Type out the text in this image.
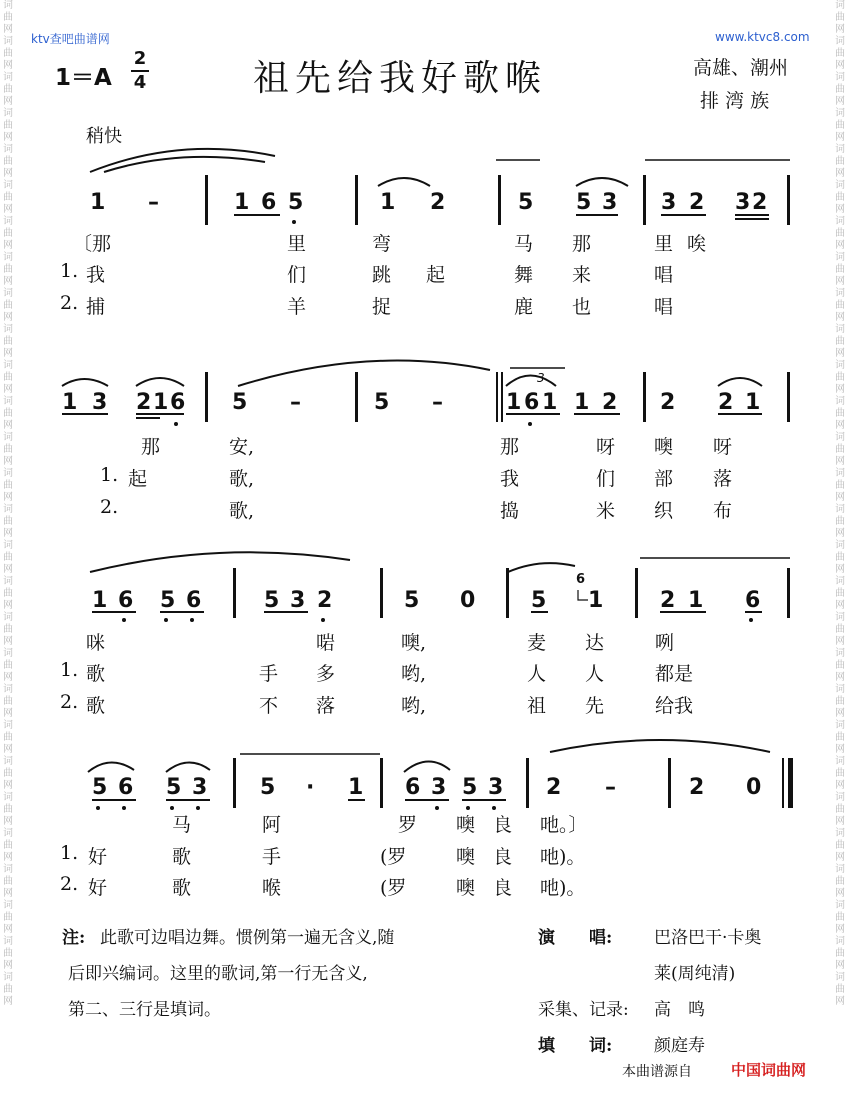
词曲网词曲网词曲网词曲网词曲网词曲网词曲网词曲网词曲网词曲网词曲网词曲网词曲网词曲网词曲网词曲网词曲网词曲网词曲网词曲网词曲网词曲网词曲网词曲网词曲网词曲网词曲网词曲网
词曲网词曲网词曲网词曲网词曲网词曲网词曲网词曲网词曲网词曲网词曲网词曲网词曲网词曲网词曲网词曲网词曲网词曲网词曲网词曲网词曲网词曲网词曲网词曲网词曲网词曲网词曲网词曲网
ktv查吧曲谱网	www.ktvc8.com
1＝A
2
4	祖先给我好歌喉	高雄、潮州
排 湾 族
稍快
1 –	1 6 5	1 2	5 5 3 3 2 3 2
〔那	里	弯	马 那	里 唉
1. 我	们	跳 起	舞 来	唱
2. 捕	羊	捉	鹿 也	唱
1 3 2 1 6 5 –	5 –	1 6 1 1 2 2 2 1
3
那	安,	那	呀 噢 呀
1. 起	歌,	我	们 部 落
2.	歌,	捣	米 织 布
1 6 5 6	5 3 2	5 0	5 1	2 1 6
6
咪	啱	噢,	麦 达	咧
1. 歌	手 多	哟,	人 人	都是
2. 歌	不 落	哟,	祖 先	给我
5 6 5 3 5 · 1 6 3 5 3 2 –	2 0
马	阿	罗 噢良 吔。〕
1. 好	歌	手	(罗	噢良 吔)。
2. 好	歌	喉	(罗	噢良 吔)。
注: 此歌可边唱边舞。惯例第一遍无含义,随
后即兴编词。这里的歌词,第一行无含义,
第二、三行是填词。
演　　唱: 巴洛巴干·卡奥
莱(周纯清)
采集、记录: 高　鸣
填　　词: 颜庭寿
本曲谱源自	中国词曲网
